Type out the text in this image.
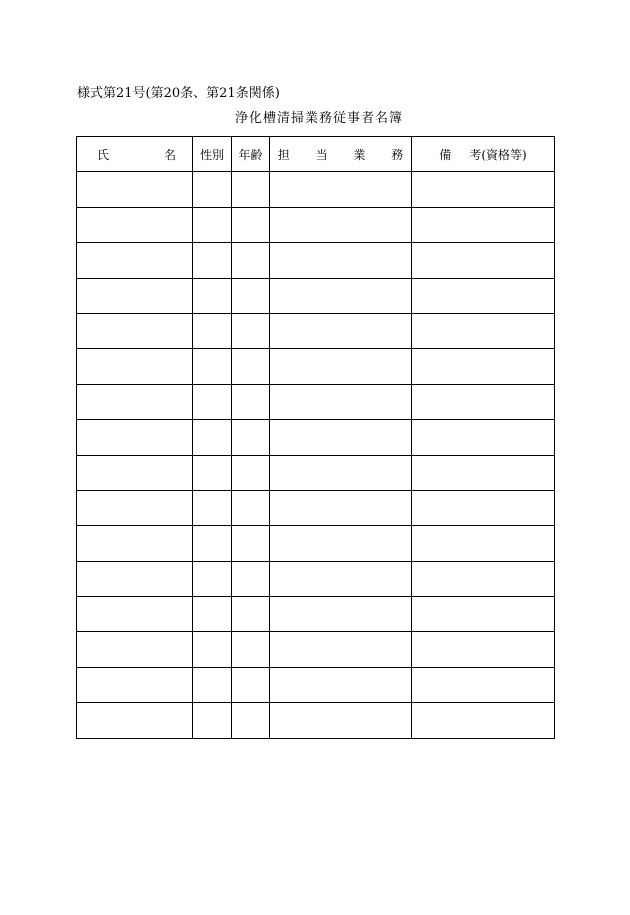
様式第21号(第20条、第21条関係)
浄化槽清掃業務従事者名簿
氏 名	性別	年齢	担 当 業 務	備 考(資格等)
